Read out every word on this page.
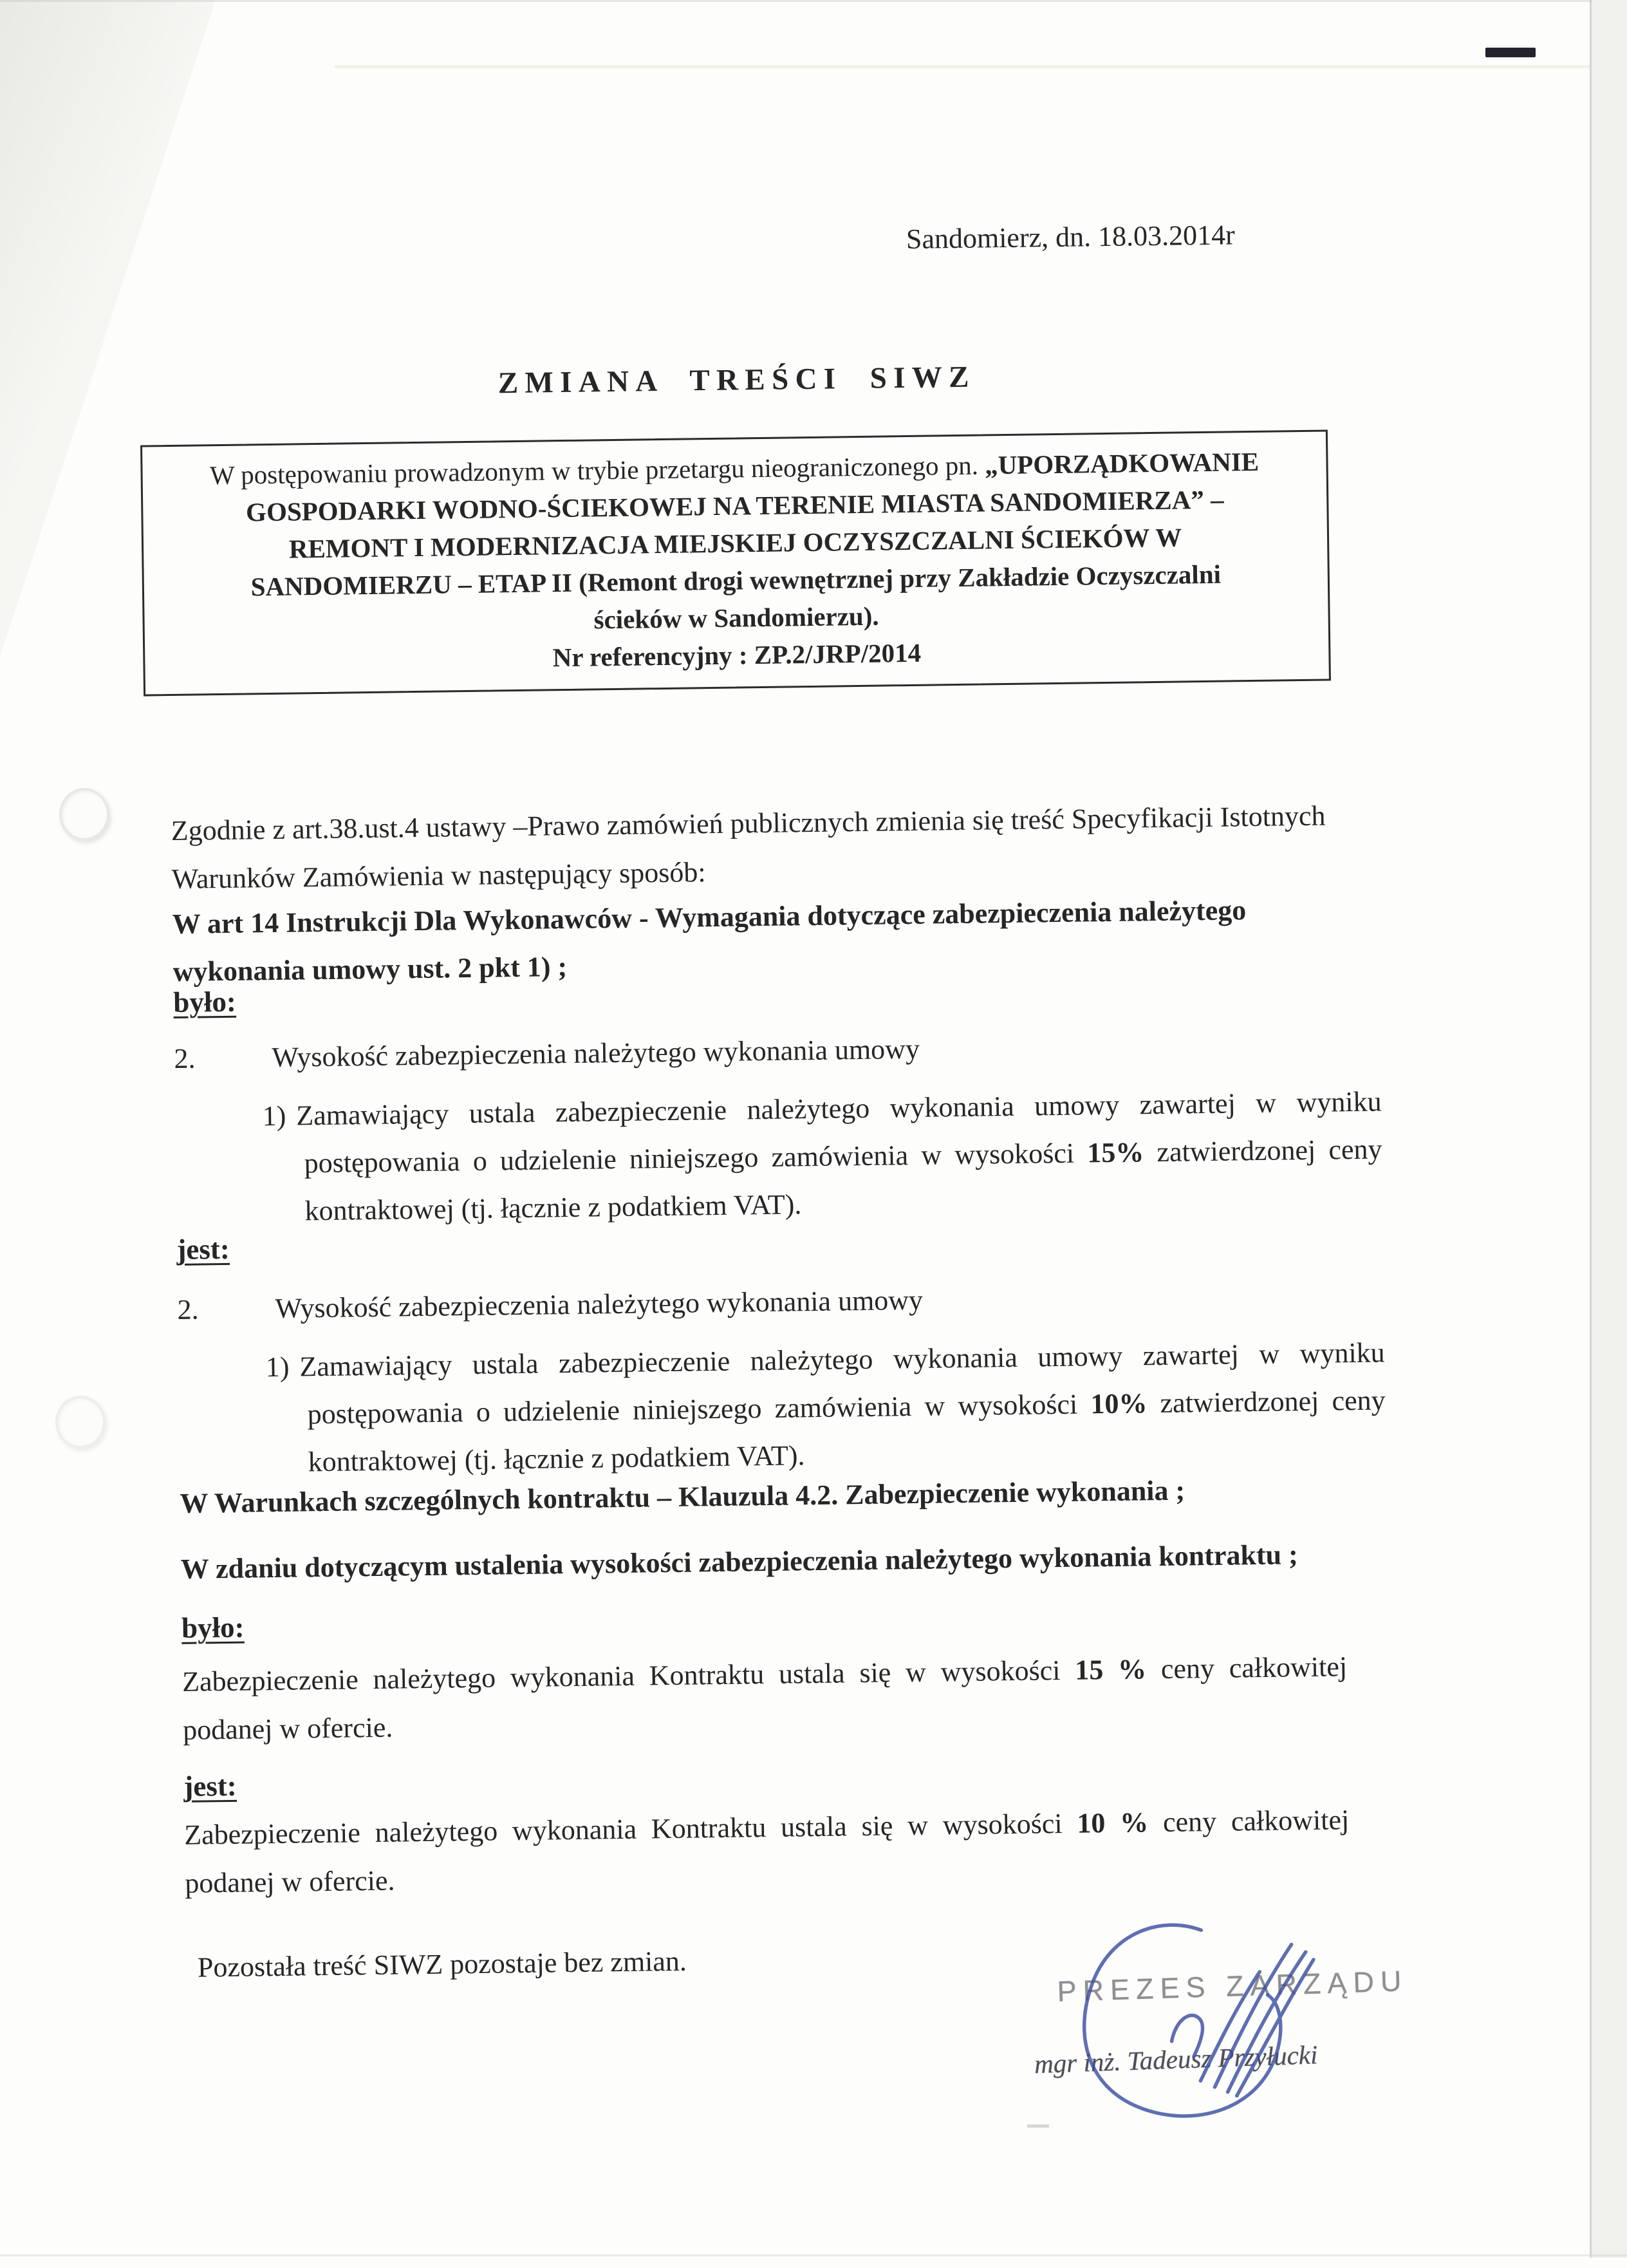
Sandomierz, dn. 18.03.2014r
ZMIANA TREŚCI SIWZ
W postępowaniu prowadzonym w trybie przetargu nieograniczonego pn. „UPORZĄDKOWANIE
GOSPODARKI WODNO-ŚCIEKOWEJ NA TERENIE MIASTA SANDOMIERZA” –
REMONT I MODERNIZACJA MIEJSKIEJ OCZYSZCZALNI ŚCIEKÓW W
SANDOMIERZU – ETAP II (Remont drogi wewnętrznej przy Zakładzie Oczyszczalni
ścieków w Sandomierzu).
Nr referencyjny : ZP.2/JRP/2014
Zgodnie z art.38.ust.4 ustawy –Prawo zamówień publicznych zmienia się treść Specyfikacji Istotnych Warunków Zamówienia w następujący sposób:
W art 14 Instrukcji Dla Wykonawców - Wymagania dotyczące zabezpieczenia należytego wykonania umowy ust. 2 pkt 1) ;
było:
2.	Wysokość zabezpieczenia należytego wykonania umowy
1) Zamawiający ustala zabezpieczenie należytego wykonania umowy zawartej w wyniku postępowania o udzielenie niniejszego zamówienia w wysokości 15% zatwierdzonej ceny kontraktowej (tj. łącznie z podatkiem VAT).
jest:
2.	Wysokość zabezpieczenia należytego wykonania umowy
1) Zamawiający ustala zabezpieczenie należytego wykonania umowy zawartej w wyniku postępowania o udzielenie niniejszego zamówienia w wysokości 10% zatwierdzonej ceny kontraktowej (tj. łącznie z podatkiem VAT).
W Warunkach szczególnych kontraktu – Klauzula 4.2. Zabezpieczenie wykonania ;
W zdaniu dotyczącym ustalenia wysokości zabezpieczenia należytego wykonania kontraktu ;
było:
Zabezpieczenie należytego wykonania Kontraktu ustala się w wysokości 15 % ceny całkowitej podanej w ofercie.
jest:
Zabezpieczenie należytego wykonania Kontraktu ustala się w wysokości 10 % ceny całkowitej podanej w ofercie.
Pozostała treść SIWZ pozostaje bez zmian.
PREZES ZARZĄDU
mgr inż. Tadeusz Przyłucki
